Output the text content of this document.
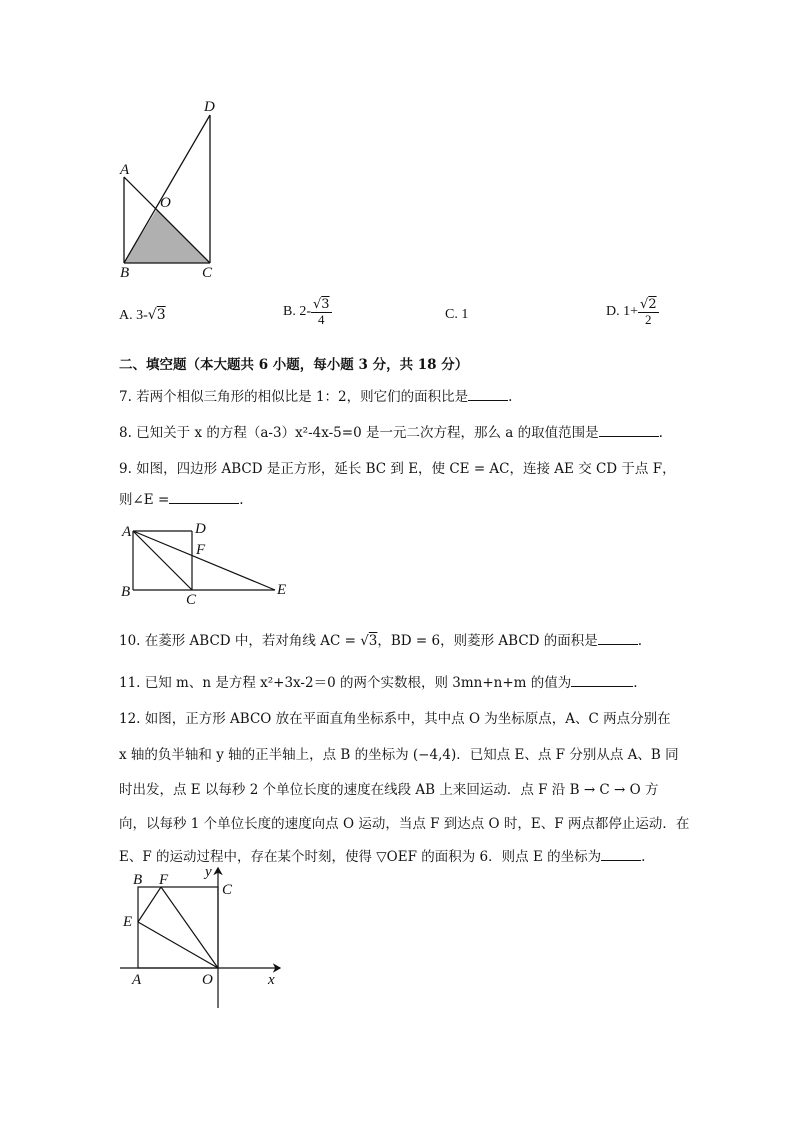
D
A
O
B	C
A. 3-√3	B. $2- \frac{√3}{4}$	C. 1	D. $1+ \frac{√2}{2}$
二、填空题（本大题共 6 小题，每小题 3 分，共 18 分）
7. 若两个相似三角形的相似比是 1：2，则它们的面积比是	.
8. 已知关于 x 的方程（a-3）x²-4x-5=0 是一元二次方程，那么 a 的取值范围是	.
9. 如图，四边形 ABCD 是正方形，延长 BC 到 E，使 CE = AC，连接 AE 交 CD 于点 F，
则∠E =	.
A	D
F
B	C
E
10. 在菱形 ABCD 中，若对角线 AC = √3，BD = 6，则菱形 ABCD 的面积是	.
11. 已知 m、n 是方程 x²+3x-2＝0 的两个实数根，则 3mn+n+m 的值为	.
12. 如图，正方形 ABCO 放在平面直角坐标系中，其中点 O 为坐标原点，A、C 两点分别在
x 轴的负半轴和 y 轴的正半轴上，点 B 的坐标为 (−4,4)．已知点 E、点 F 分别从点 A、B 同
时出发，点 E 以每秒 2 个单位长度的速度在线段 AB 上来回运动．点 F 沿 B → C → O 方
向，以每秒 1 个单位长度的速度向点 O 运动，当点 F 到达点 O 时，E、F 两点都停止运动．在
E、F 的运动过程中，存在某个时刻，使得 ▽OEF 的面积为 6．则点 E 的坐标为	.
y
B F
C
E
A	O	x
